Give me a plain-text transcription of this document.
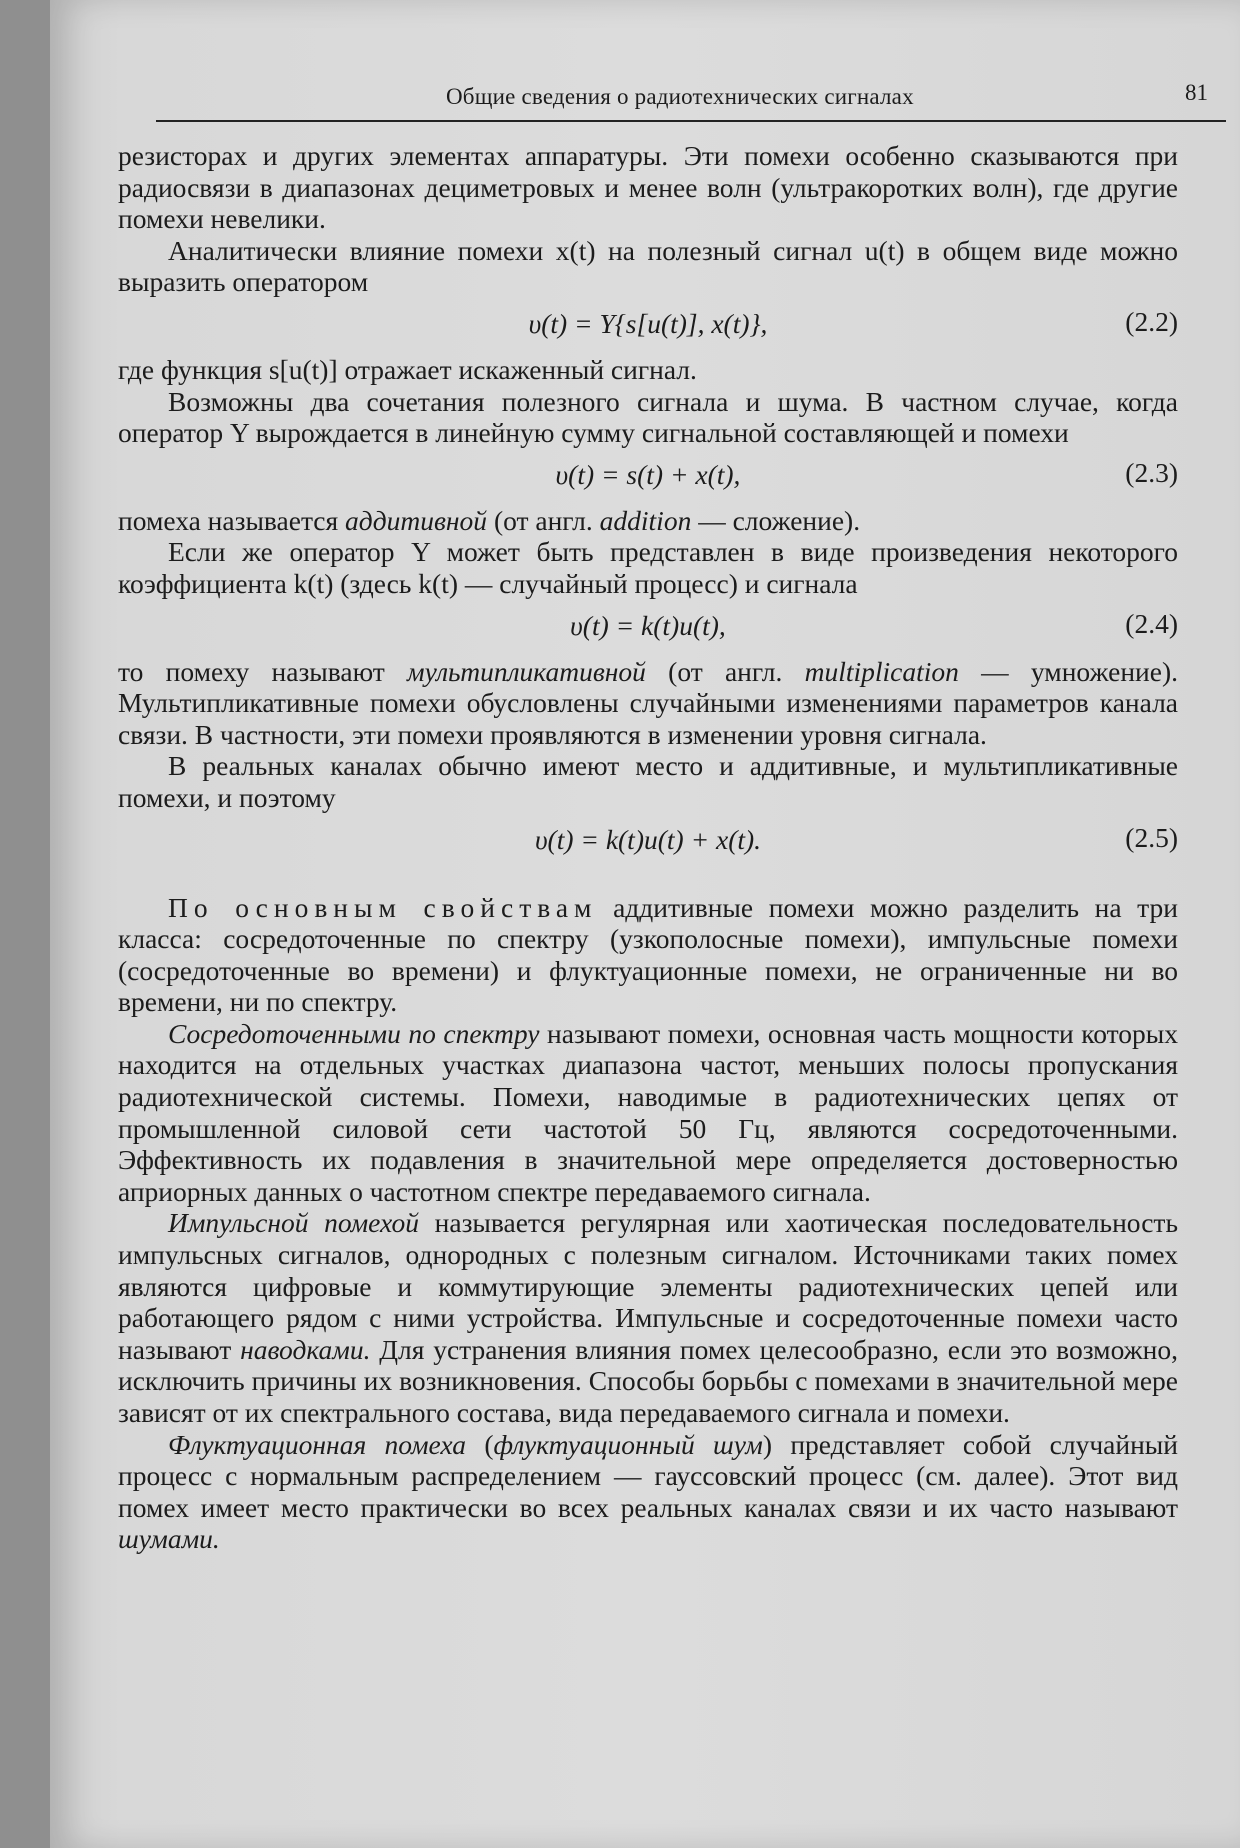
Общие сведения о радиотехнических сигналах	81

резисторах и других элементах аппаратуры. Эти помехи особенно сказываются при радиосвязи в диапазонах дециметровых и менее волн (ультракоротких волн), где другие помехи невелики.

Аналитически влияние помехи x(t) на полезный сигнал u(t) в общем виде можно выразить оператором

υ(t) = Y{s[u(t)], x(t)},	(2.2)

где функция s[u(t)] отражает искаженный сигнал.

Возможны два сочетания полезного сигнала и шума. В частном случае, когда оператор Y вырождается в линейную сумму сигнальной составляющей и помехи

υ(t) = s(t) + x(t),	(2.3)

помеха называется аддитивной (от англ. addition — сложение).

Если же оператор Y может быть представлен в виде произведения некоторого коэффициента k(t) (здесь k(t) — случайный процесс) и сигнала

υ(t) = k(t)u(t),	(2.4)

то помеху называют мультипликативной (от англ. multiplication — умножение). Мультипликативные помехи обусловлены случайными изменениями параметров канала связи. В частности, эти помехи проявляются в изменении уровня сигнала.

В реальных каналах обычно имеют место и аддитивные, и мультипликативные помехи, и поэтому

υ(t) = k(t)u(t) + x(t).	(2.5)

По основным свойствам аддитивные помехи можно разделить на три класса: сосредоточенные по спектру (узкополосные помехи), импульсные помехи (сосредоточенные во времени) и флуктуационные помехи, не ограниченные ни во времени, ни по спектру.

Сосредоточенными по спектру называют помехи, основная часть мощности которых находится на отдельных участках диапазона частот, меньших полосы пропускания радиотехнической системы. Помехи, наводимые в радиотехнических цепях от промышленной силовой сети частотой 50 Гц, являются сосредоточенными. Эффективность их подавления в значительной мере определяется достоверностью априорных данных о частотном спектре передаваемого сигнала.

Импульсной помехой называется регулярная или хаотическая последовательность импульсных сигналов, однородных с полезным сигналом. Источниками таких помех являются цифровые и коммутирующие элементы радиотехнических цепей или работающего рядом с ними устройства. Импульсные и сосредоточенные помехи часто называют наводками. Для устранения влияния помех целесообразно, если это возможно, исключить причины их возникновения. Способы борьбы с помехами в значительной мере зависят от их спектрального состава, вида передаваемого сигнала и помехи.

Флуктуационная помеха (флуктуационный шум) представляет собой случайный процесс с нормальным распределением — гауссовский процесс (см. далее). Этот вид помех имеет место практически во всех реальных каналах связи и их часто называют шумами.
